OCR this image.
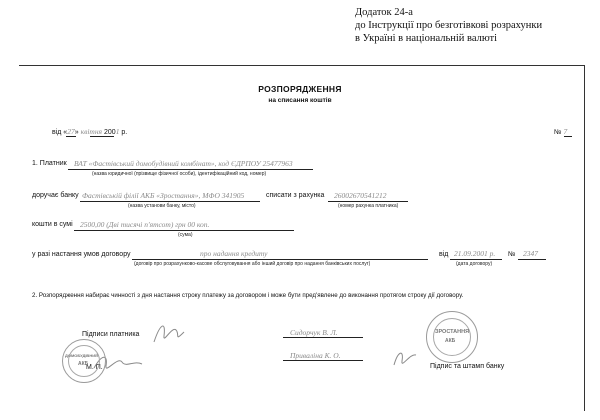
Додаток 24-а
до Інструкції про безготівкові розрахунки
в Україні в національній валюті
РОЗПОРЯДЖЕННЯ
на списання коштів
від «27» квітня 2001 р.	№ 7
1. Платник ВАТ «Фастівський домобудівний комбінат», код ЄДРПОУ 25477963
(назва юридичної (прізвище фізичної особи), ідентифікаційний код, номер)
доручає банку Фастівській філії АКБ «Зростання», МФО 341905
(назва установи банку, місто)
списати з рахунка 26002670541212
(номер рахунка платника)
кошти в сумі 2500,00 (Дві тисячі п'ятсот) грн 00 коп.
(сума)
у разі настання умов договору	про надання кредиту
(договір про розрахунково-касове обслуговування або інший договір про надання банківських послуг)
від 21.09.2001 р.
(дата договору)
№ 2347
2. Розпорядження набирає чинності з дня настання строку платежу за договором і може бути пред'явлене до виконання протягом строку дії договору.
Підписи платника
М. П.
Сидорчук В. Л.
Приваліна К. О.
Підпис та штамп банку
ДОМОБУДІВНИЙ
АКБ
ЗРОСТАННЯ
АКБ
